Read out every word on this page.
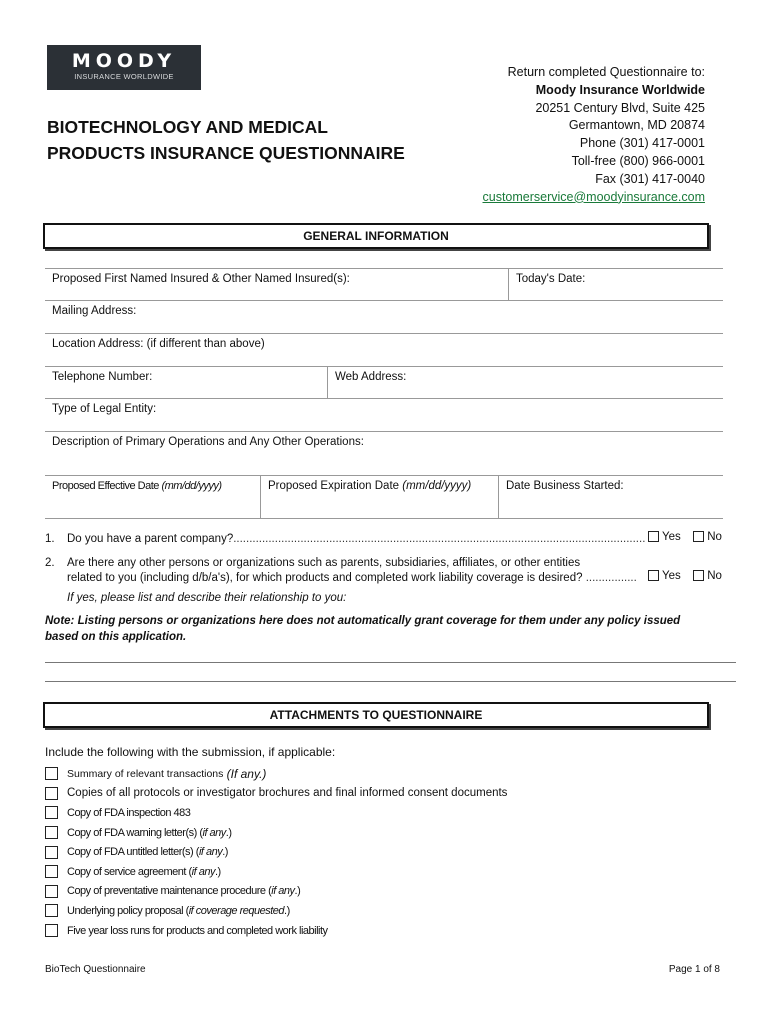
MOODY
INSURANCE WORLDWIDE
BIOTECHNOLOGY AND MEDICAL
PRODUCTS INSURANCE QUESTIONNAIRE
Return completed Questionnaire to:
Moody Insurance Worldwide
20251 Century Blvd, Suite 425
Germantown, MD 20874
Phone (301) 417-0001
Toll-free (800) 966-0001
Fax (301) 417-0040
customerservice@moodyinsurance.com
GENERAL INFORMATION
Proposed First Named Insured & Other Named Insured(s):	Today's Date:
Mailing Address:
Location Address: (if different than above)
Telephone Number:	Web Address:
Type of Legal Entity:
Description of Primary Operations and Any Other Operations:
Proposed Effective Date (mm/dd/yyyy)	Proposed Expiration Date (mm/dd/yyyy)	Date Business Started:
1. Do you have a parent company?.................................................................................................................................	Yes	No
2. Are there any other persons or organizations such as parents, subsidiaries, affiliates, or other entities
related to you (including d/b/a's), for which products and completed work liability coverage is desired? ................	Yes	No
If yes, please list and describe their relationship to you:
Note: Listing persons or organizations here does not automatically grant coverage for them under any policy issued based on this application.
ATTACHMENTS TO QUESTIONNAIRE
Include the following with the submission, if applicable:
Summary of relevant transactions
(If any.)
Copies of all protocols or investigator brochures and final informed consent documents
Copy of FDA inspection 483
Copy of FDA warning letter(s) ( if any .)
Copy of FDA untitled letter(s) ( if any .)
Copy of service agreement ( if any .)
Copy of preventative maintenance procedure ( if any .)
Underlying policy proposal ( if coverage requested .)
Five year loss runs for products and completed work liability
BioTech Questionnaire	Page 1 of 8
